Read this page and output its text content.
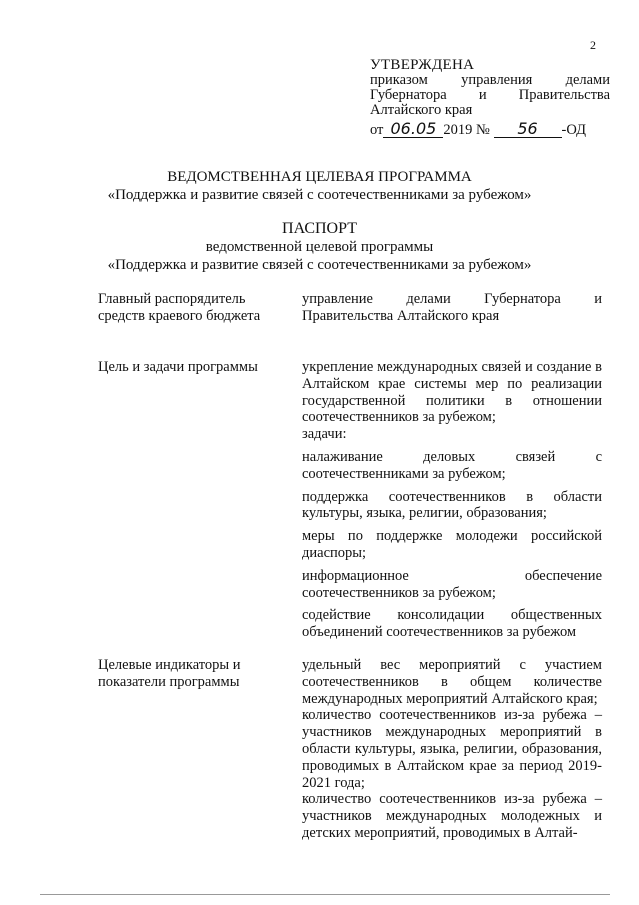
2
УТВЕРЖДЕНА
приказом управления делами Губернатора и Правительства Алтайского края
от 06.05 2019 № 56 -ОД
ВЕДОМСТВЕННАЯ ЦЕЛЕВАЯ ПРОГРАММА
«Поддержка и развитие связей с соотечественниками за рубежом»
ПАСПОРТ
ведомственной целевой программы
«Поддержка и развитие связей с соотечественниками за рубежом»
Главный распорядитель средств краевого бюджета

управление делами Губернатора и Правительства Алтайского края

Цель и задачи программы	укрепление международных связей и создание в Алтайском крае системы мер по реализации государственной политики в отношении соотечественников за рубежом;

задачи:

налаживание деловых связей с соотечественниками за рубежом;

поддержка соотечественников в области культуры, языка, религии, образования;

меры по поддержке молодежи российской диаспоры;

информационное обеспечение соотечественников за рубежом;

содействие консолидации общественных объединений соотечественников за рубежом

Целевые индикаторы и показатели программы

удельный вес мероприятий с участием соотечественников в общем количестве международных мероприятий Алтайского края;

количество соотечественников из-за рубежа – участников международных мероприятий в области культуры, языка, религии, образования, проводимых в Алтайском крае за период 2019-2021 года;

количество соотечественников из-за рубежа – участников международных молодежных и детских мероприятий, проводимых в Алтай-
